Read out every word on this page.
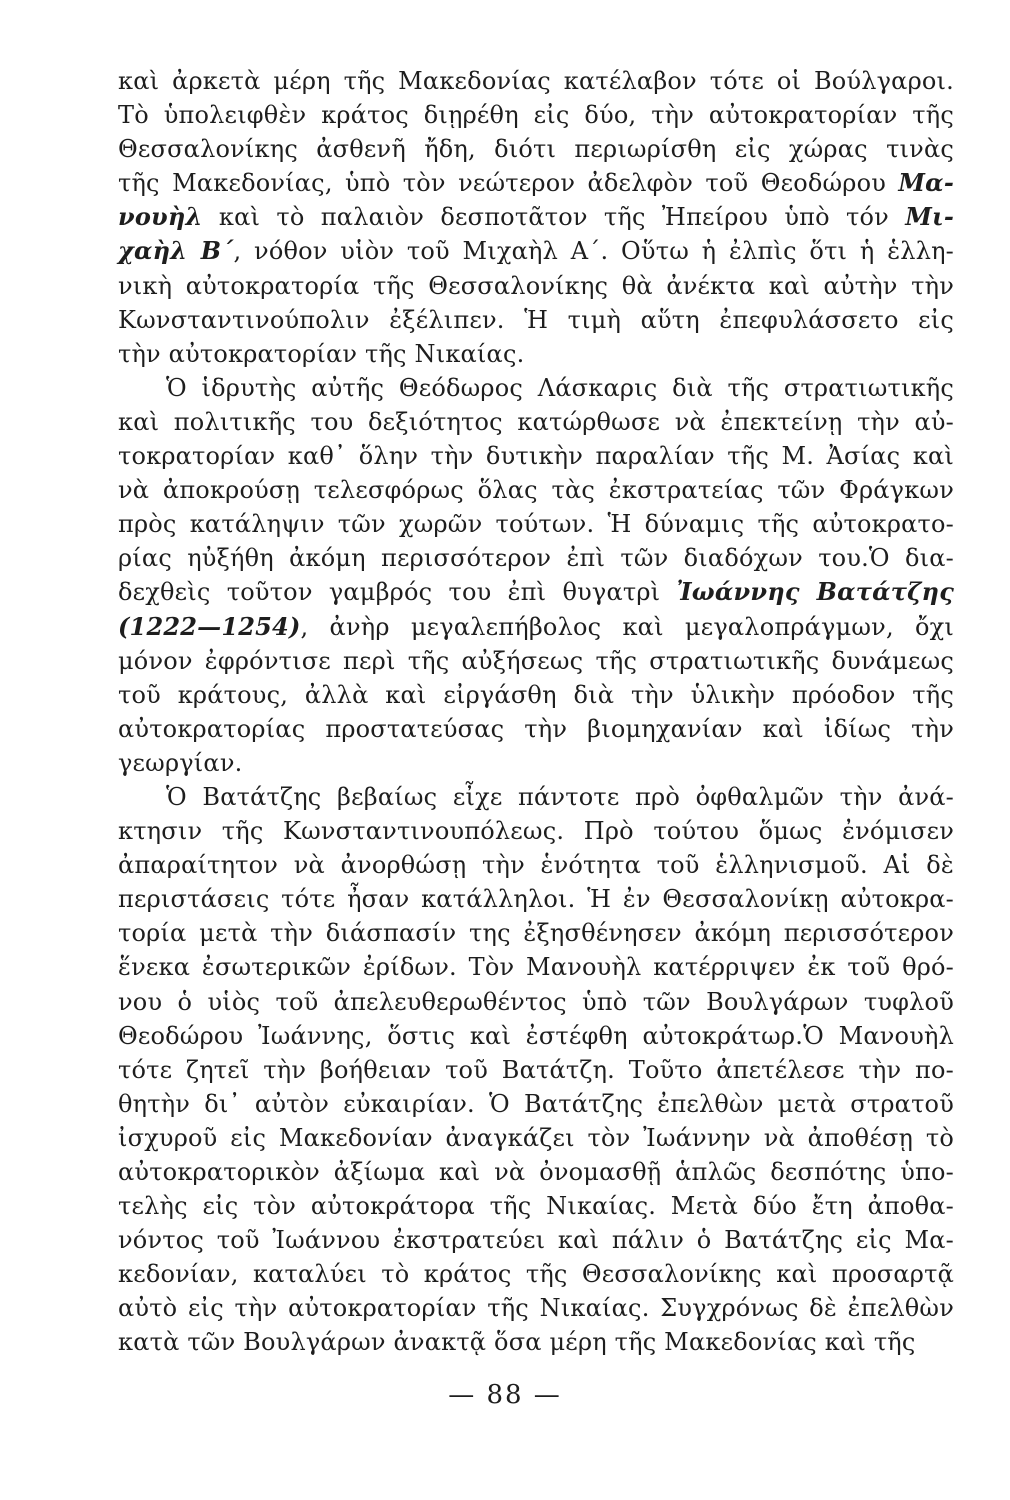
καὶ ἀρκετὰ μέρη τῆς Μακεδονίας κατέλαβον τότε οἱ Βούλγαροι.
Τὸ ὑπολειφθὲν κράτος διῃρέθη εἰς δύο, τὴν αὐτοκρατορίαν τῆς
Θεσσαλονίκης ἀσθενῆ ἤδη, διότι περιωρίσθη εἰς χώρας τινὰς
τῆς Μακεδονίας, ὑπὸ τὸν νεώτερον ἀδελφὸν τοῦ Θεοδώρου Μα-
νουὴλ καὶ τὸ παλαιὸν δεσποτᾶτον τῆς Ἠπείρου ὑπὸ τόν Μι-
χαὴλ Β΄, νόθον υἱὸν τοῦ Μιχαὴλ Α΄. Οὕτω ἡ ἐλπὶς ὅτι ἡ ἑλλη-
νικὴ αὐτοκρατορία τῆς Θεσσαλονίκης θὰ ἀνέκτα καὶ αὐτὴν τὴν
Κωνσταντινούπολιν ἐξέλιπεν. Ἡ τιμὴ αὕτη ἐπεφυλάσσετο εἰς
τὴν αὐτοκρατορίαν τῆς Νικαίας.
Ὁ ἱδρυτὴς αὐτῆς Θεόδωρος Λάσκαρις διὰ τῆς στρατιωτικῆς
καὶ πολιτικῆς του δεξιότητος κατώρθωσε νὰ ἐπεκτείνῃ τὴν αὐ-
τοκρατορίαν καθ᾿ ὅλην τὴν δυτικὴν παραλίαν τῆς Μ. Ἀσίας καὶ
νὰ ἀποκρούσῃ τελεσφόρως ὅλας τὰς ἐκστρατείας τῶν Φράγκων
πρὸς κατάληψιν τῶν χωρῶν τούτων. Ἡ δύναμις τῆς αὐτοκρατο-
ρίας ηὐξήθη ἀκόμη περισσότερον ἐπὶ τῶν διαδόχων του.Ὁ δια-
δεχθεὶς τοῦτον γαμβρός του ἐπὶ θυγατρὶ Ἰωάννης Βατάτζης
(1222—1254), ἀνὴρ μεγαλεπήβολος καὶ μεγαλοπράγμων, ὄχι
μόνον ἐφρόντισε περὶ τῆς αὐξήσεως τῆς στρατιωτικῆς δυνάμεως
τοῦ κράτους, ἀλλὰ καὶ εἰργάσθη διὰ τὴν ὑλικὴν πρόοδον τῆς
αὐτοκρατορίας προστατεύσας τὴν βιομηχανίαν καὶ ἰδίως τὴν
γεωργίαν.
Ὁ Βατάτζης βεβαίως εἶχε πάντοτε πρὸ ὀφθαλμῶν τὴν ἀνά-
κτησιν τῆς Κωνσταντινουπόλεως. Πρὸ τούτου ὅμως ἐνόμισεν
ἀπαραίτητον νὰ ἀνορθώσῃ τὴν ἑνότητα τοῦ ἑλληνισμοῦ. Αἱ δὲ
περιστάσεις τότε ἦσαν κατάλληλοι. Ἡ ἐν Θεσσαλονίκῃ αὐτοκρα-
τορία μετὰ τὴν διάσπασίν της ἐξησθένησεν ἀκόμη περισσότερον
ἕνεκα ἐσωτερικῶν ἐρίδων. Τὸν Μανουὴλ κατέρριψεν ἐκ τοῦ θρό-
νου ὁ υἱὸς τοῦ ἀπελευθερωθέντος ὑπὸ τῶν Βουλγάρων τυφλοῦ
Θεοδώρου Ἰωάννης, ὅστις καὶ ἐστέφθη αὐτοκράτωρ.Ὁ Μανουὴλ
τότε ζητεῖ τὴν βοήθειαν τοῦ Βατάτζη. Τοῦτο ἀπετέλεσε τὴν πο-
θητὴν δι᾿ αὐτὸν εὐκαιρίαν. Ὁ Βατάτζης ἐπελθὼν μετὰ στρατοῦ
ἰσχυροῦ εἰς Μακεδονίαν ἀναγκάζει τὸν Ἰωάννην νὰ ἀποθέσῃ τὸ
αὐτοκρατορικὸν ἀξίωμα καὶ νὰ ὀνομασθῇ ἁπλῶς δεσπότης ὑπο-
τελὴς εἰς τὸν αὐτοκράτορα τῆς Νικαίας. Μετὰ δύο ἔτη ἀποθα-
νόντος τοῦ Ἰωάννου ἐκστρατεύει καὶ πάλιν ὁ Βατάτζης εἰς Μα-
κεδονίαν, καταλύει τὸ κράτος τῆς Θεσσαλονίκης καὶ προσαρτᾷ
αὐτὸ εἰς τὴν αὐτοκρατορίαν τῆς Νικαίας. Συγχρόνως δὲ ἐπελθὼν
κατὰ τῶν Βουλγάρων ἀνακτᾷ ὅσα μέρη τῆς Μακεδονίας καὶ τῆς
— 88 —
